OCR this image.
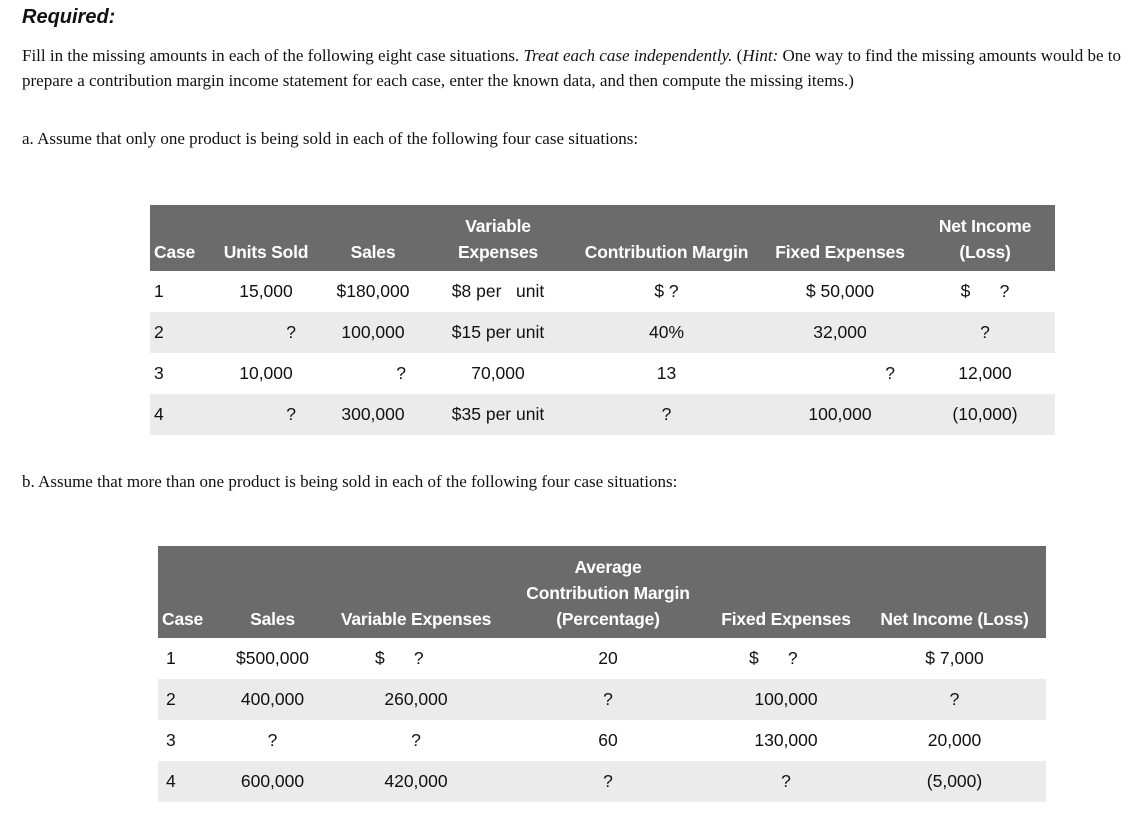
Required:
Fill in the missing amounts in each of the following eight case situations. Treat each case independently. (Hint: One way to find the missing amounts would be to prepare a contribution margin income statement for each case, enter the known data, and then compute the missing items.)
a. Assume that only one product is being sold in each of the following four case situations:
Case	Units Sold	Sales	Variable
Expenses	Contribution Margin	Fixed Expenses	Net Income
(Loss)
1	15,000	$180,000	$8 per   unit	$ ?	$ 50,000	$      ?
2	?	100,000	$15 per unit	40%	32,000	?
3	10,000	?	70,000	13	?	12,000
4	?	300,000	$35 per unit	?	100,000	(10,000)
b. Assume that more than one product is being sold in each of the following four case situations:
Case	Sales	Variable Expenses	Average
Contribution Margin
(Percentage)	Fixed Expenses	Net Income (Loss)
1	$500,000	$      ?	20	$      ?	$ 7,000
2	400,000	260,000	?	100,000	?
3	?	?	60	130,000	20,000
4	600,000	420,000	?	?	(5,000)
